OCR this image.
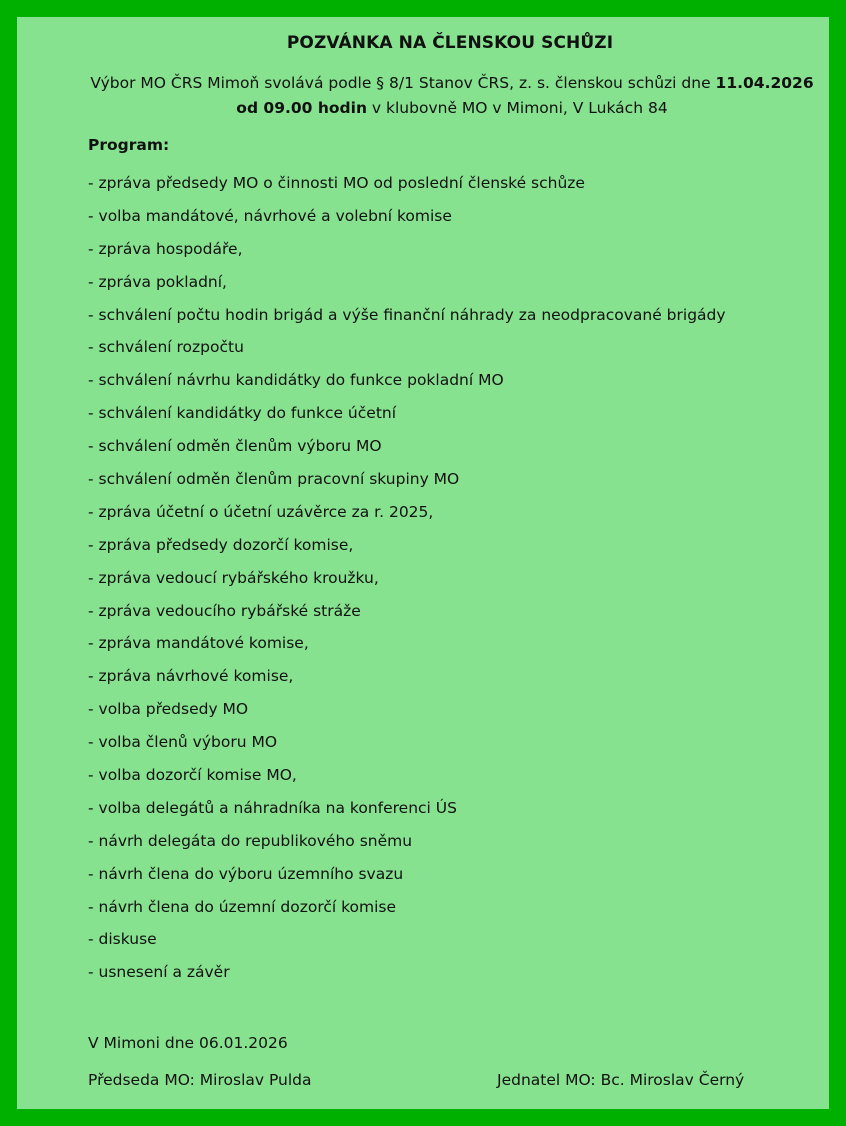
POZVÁNKA NA ČLENSKOU SCHŮZI
Výbor MO ČRS Mimoň svolává podle § 8/1 Stanov ČRS, z. s. členskou schůzi dne 11.04.2026
od 09.00 hodin v klubovně MO v Mimoni, V Lukách 84
Program:
- zpráva předsedy MO o činnosti MO od poslední členské schůze
- volba mandátové, návrhové a volební komise
- zpráva hospodáře,
- zpráva pokladní,
- schválení počtu hodin brigád a výše finanční náhrady za neodpracované brigády
- schválení rozpočtu
- schválení návrhu kandidátky do funkce pokladní MO
- schválení kandidátky do funkce účetní
- schválení odměn členům výboru MO
- schválení odměn členům pracovní skupiny MO
- zpráva účetní o účetní uzávěrce za r. 2025,
- zpráva předsedy dozorčí komise,
- zpráva vedoucí rybářského kroužku,
- zpráva vedoucího rybářské stráže
- zpráva mandátové komise,
- zpráva návrhové komise,
- volba předsedy MO
- volba členů výboru MO
- volba dozorčí komise MO,
- volba delegátů a náhradníka na konferenci ÚS
- návrh delegáta do republikového sněmu
- návrh člena do výboru územního svazu
- návrh člena do územní dozorčí komise
- diskuse
- usnesení a závěr
V Mimoni dne 06.01.2026
Předseda MO: Miroslav Pulda	Jednatel MO: Bc. Miroslav Černý
